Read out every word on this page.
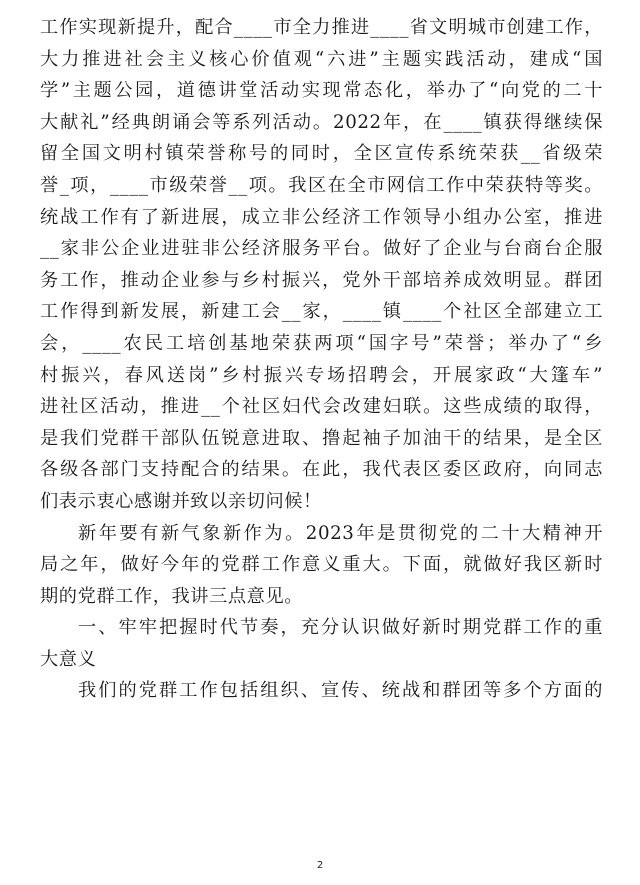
工作实现新提升，配合____市全力推进____省文明城市创建工作，
大力推进社会主义核心价值观“六进”主题实践活动，建成“国
学”主题公园，道德讲堂活动实现常态化，举办了“向党的二十
大献礼”经典朗诵会等系列活动。2022年，在____镇获得继续保
留全国文明村镇荣誉称号的同时，全区宣传系统荣获__省级荣
誉_项，____市级荣誉__项。我区在全市网信工作中荣获特等奖。
统战工作有了新进展，成立非公经济工作领导小组办公室，推进
__家非公企业进驻非公经济服务平台。做好了企业与台商台企服
务工作，推动企业参与乡村振兴，党外干部培养成效明显。群团
工作得到新发展，新建工会__家，____镇____个社区全部建立工
会，____农民工培创基地荣获两项“国字号”荣誉；举办了“乡
村振兴，春风送岗”乡村振兴专场招聘会，开展家政“大篷车”
进社区活动，推进__个社区妇代会改建妇联。这些成绩的取得，
是我们党群干部队伍锐意进取、撸起袖子加油干的结果，是全区
各级各部门支持配合的结果。在此，我代表区委区政府，向同志
们表示衷心感谢并致以亲切问候！
新年要有新气象新作为。2023年是贯彻党的二十大精神开
局之年，做好今年的党群工作意义重大。下面，就做好我区新时
期的党群工作，我讲三点意见。
一、牢牢把握时代节奏，充分认识做好新时期党群工作的重
大意义
我们的党群工作包括组织、宣传、统战和群团等多个方面的
2
